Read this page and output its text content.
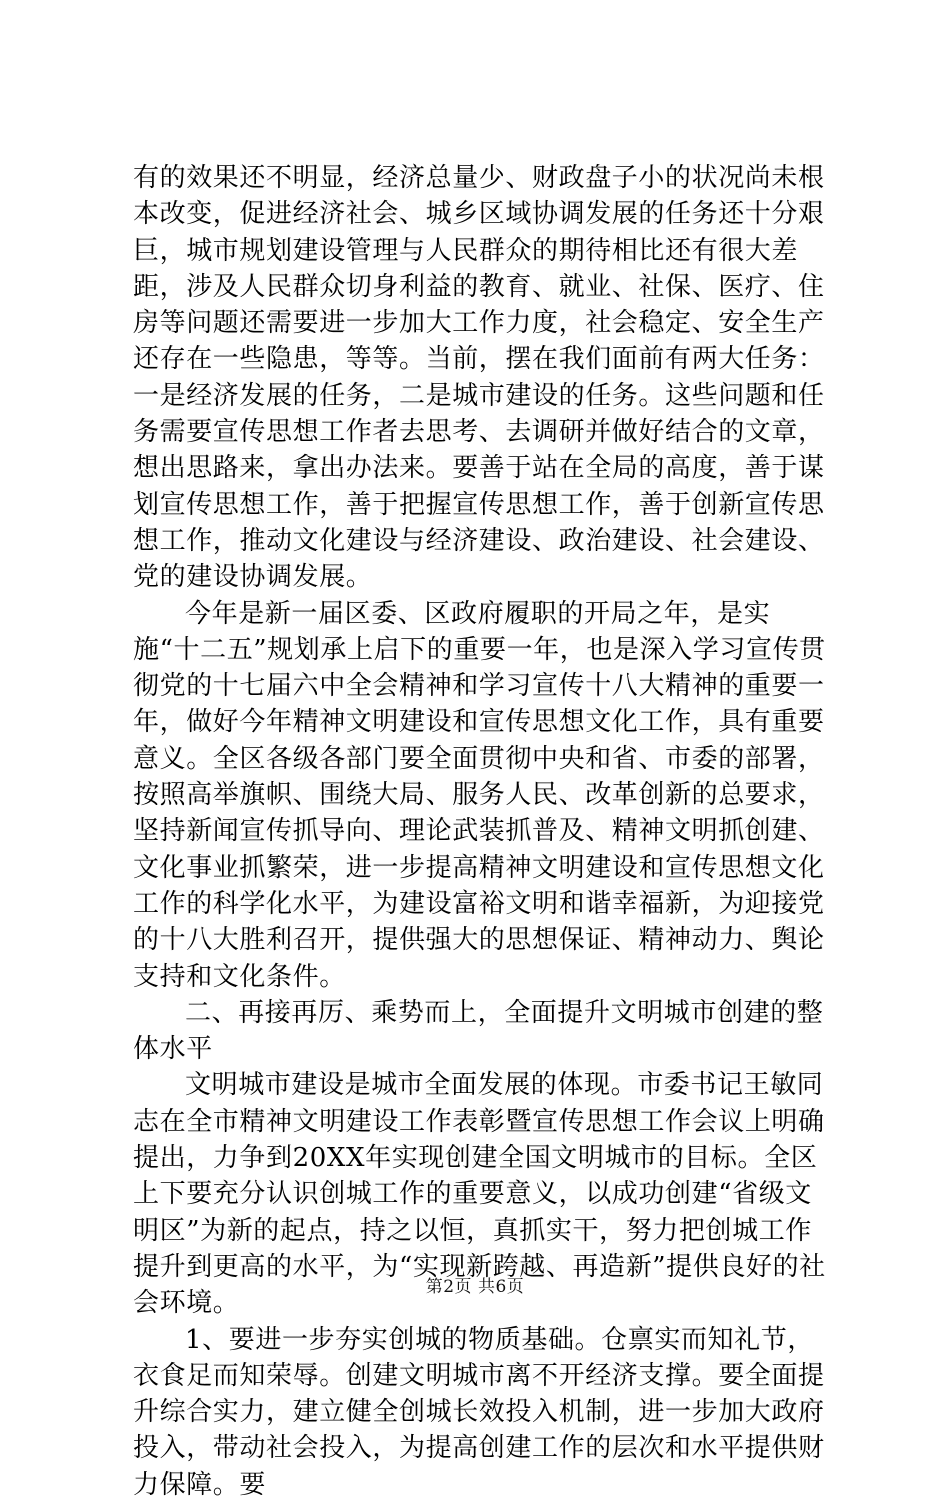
有的效果还不明显，经济总量少、财政盘子小的状况尚未根本改变，促进经济社会、城乡区域协调发展的任务还十分艰巨，城市规划建设管理与人民群众的期待相比还有很大差距，涉及人民群众切身利益的教育、就业、社保、医疗、住房等问题还需要进一步加大工作力度，社会稳定、安全生产还存在一些隐患，等等。当前，摆在我们面前有两大任务：一是经济发展的任务，二是城市建设的任务。这些问题和任务需要宣传思想工作者去思考、去调研并做好结合的文章，想出思路来，拿出办法来。要善于站在全局的高度，善于谋划宣传思想工作，善于把握宣传思想工作，善于创新宣传思想工作，推动文化建设与经济建设、政治建设、社会建设、党的建设协调发展。

今年是新一届区委、区政府履职的开局之年，是实施“十二五”规划承上启下的重要一年，也是深入学习宣传贯彻党的十七届六中全会精神和学习宣传十八大精神的重要一年，做好今年精神文明建设和宣传思想文化工作，具有重要意义。全区各级各部门要全面贯彻中央和省、市委的部署，按照高举旗帜、围绕大局、服务人民、改革创新的总要求，坚持新闻宣传抓导向、理论武装抓普及、精神文明抓创建、文化事业抓繁荣，进一步提高精神文明建设和宣传思想文化工作的科学化水平，为建设富裕文明和谐幸福新，为迎接党的十八大胜利召开，提供强大的思想保证、精神动力、舆论支持和文化条件。

二、再接再厉、乘势而上，全面提升文明城市创建的整体水平

文明城市建设是城市全面发展的体现。市委书记王敏同志在全市精神文明建设工作表彰暨宣传思想工作会议上明确提出，力争到20XX年实现创建全国文明城市的目标。全区上下要充分认识创城工作的重要意义，以成功创建“省级文明区”为新的起点，持之以恒，真抓实干，努力把创城工作提升到更高的水平，为“实现新跨越、再造新”提供良好的社会环境。

1、要进一步夯实创城的物质基础。仓禀实而知礼节，衣食足而知荣辱。创建文明城市离不开经济支撑。要全面提升综合实力，建立健全创城长效投入机制，进一步加大政府投入，带动社会投入，为提高创建工作的层次和水平提供财力保障。要

第2页 共6页
